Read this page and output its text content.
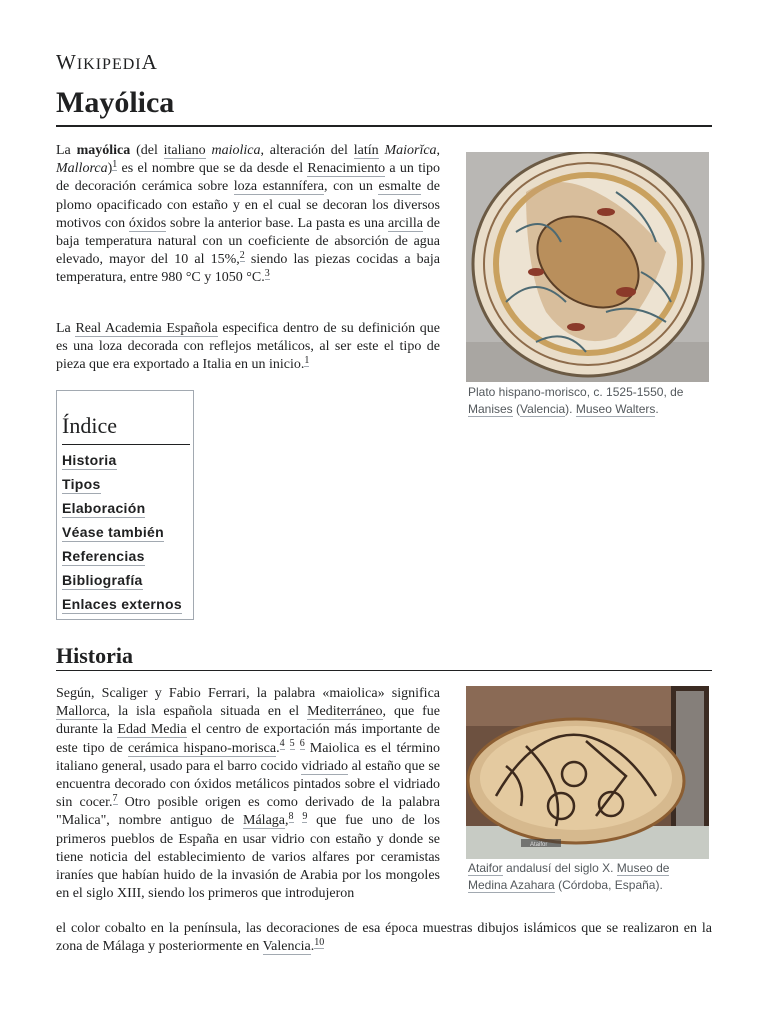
WIKIPEDIA
Mayólica

La mayólica (del italiano maiolica, alteración del latín Maiorĭca, Mallorca)$^1$ es el nombre que se da desde el Renacimiento a un tipo de decoración cerámica sobre loza estannífera, con un esmalte de plomo opacificado con estaño y en el cual se decoran los diversos motivos con óxidos sobre la anterior base. La pasta es una arcilla de baja temperatura natural con un coeficiente de absorción de agua elevado, mayor del 10 al 15%,$^2$ siendo las piezas cocidas a baja temperatura, entre 980 °C y 1050 °C.$^3$

La Real Academia Española especifica dentro de su definición que es una loza decorada con reflejos metálicos, al ser este el tipo de pieza que era exportado a Italia en un inicio.$^1$

Plato hispano-morisco, c. 1525-1550, de Manises (Valencia). Museo Walters.
Índice
Historia
Tipos
Elaboración
Véase también
Referencias
Bibliografía
Enlaces externos
Historia

Según, Scaliger y Fabio Ferrari, la palabra «maiolica» significa Mallorca, la isla española situada en el Mediterráneo, que fue durante la Edad Media el centro de exportación más importante de este tipo de cerámica hispano-morisca.$^4$ $^5$ $^6$ Maiolica es el término italiano general, usado para el barro cocido vidriado al estaño que se encuentra decorado con óxidos metálicos pintados sobre el vidriado sin cocer.$^7$ Otro posible origen es como derivado de la palabra "Malica", nombre antiguo de Málaga,$^8$ $^9$ que fue uno de los primeros pueblos de España en usar vidrio con estaño y donde se tiene noticia del establecimiento de varios alfares por ceramistas iraníes que habían huido de la invasión de Arabia por los mongoles en el siglo XIII, siendo los primeros que introdujeron

el color cobalto en la península, las decoraciones de esa época muestras dibujos islámicos que se realizaron en la zona de Málaga y posteriormente en Valencia.$^{10}$

Ataifor
Ataifor andalusí del siglo X. Museo de Medina Azahara (Córdoba, España).
